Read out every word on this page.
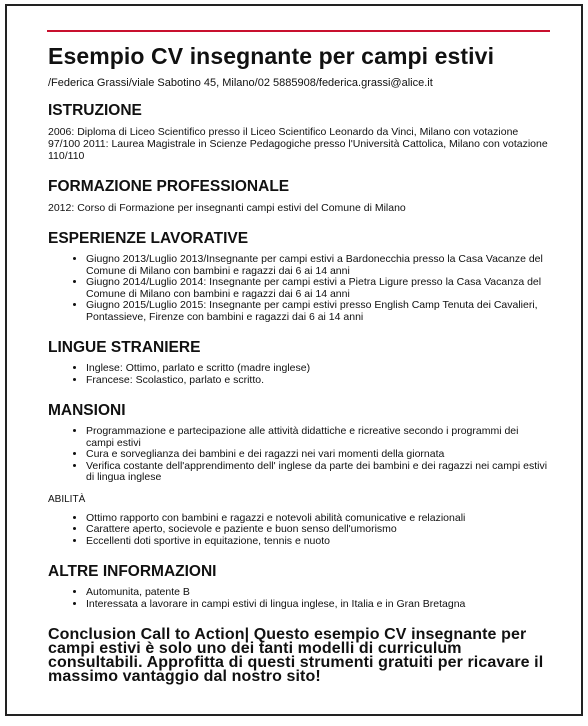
Esempio CV insegnante per campi estivi
/Federica Grassi/viale Sabotino 45, Milano/02 5885908/federica.grassi@alice.it
ISTRUZIONE
2006: Diploma di Liceo Scientifico presso il Liceo Scientifico Leonardo da Vinci, Milano con votazione 97/100 2011: Laurea Magistrale in Scienze Pedagogiche presso l'Università Cattolica, Milano con votazione 110/110
FORMAZIONE PROFESSIONALE
2012: Corso di Formazione per insegnanti campi estivi del Comune di Milano
ESPERIENZE LAVORATIVE
• Giugno 2013/Luglio 2013/Insegnante per campi estivi a Bardonecchia presso la Casa Vacanze del Comune di Milano con bambini e ragazzi dai 6 ai 14 anni
• Giugno 2014/Luglio 2014: Insegnante per campi estivi a Pietra Ligure presso la Casa Vacanza del Comune di Milano con bambini e ragazzi dai 6 ai 14 anni
• Giugno 2015/Luglio 2015: Insegnante per campi estivi presso English Camp Tenuta dei Cavalieri, Pontassieve, Firenze con bambini e ragazzi dai 6 ai 14 anni
LINGUE STRANIERE
• Inglese: Ottimo, parlato e scritto (madre inglese)
• Francese: Scolastico, parlato e scritto.
MANSIONI
• Programmazione e partecipazione alle attività didattiche e ricreative secondo i programmi dei campi estivi
• Cura e sorveglianza dei bambini e dei ragazzi nei vari momenti della giornata
• Verifica costante dell'apprendimento dell' inglese da parte dei bambini e dei ragazzi nei campi estivi di lingua inglese
ABILITÀ
• Ottimo rapporto con bambini e ragazzi e notevoli abilità comunicative e relazionali
• Carattere aperto, socievole e paziente e buon senso dell'umorismo
• Eccellenti doti sportive in equitazione, tennis e nuoto
ALTRE INFORMAZIONI
• Automunita, patente B
• Interessata a lavorare in campi estivi di lingua inglese, in Italia e in Gran Bretagna
Conclusion Call to Action| Questo esempio CV insegnante per campi estivi è solo uno dei tanti modelli di curriculum consultabili. Approfitta di questi strumenti gratuiti per ricavare il massimo vantaggio dal nostro sito!
